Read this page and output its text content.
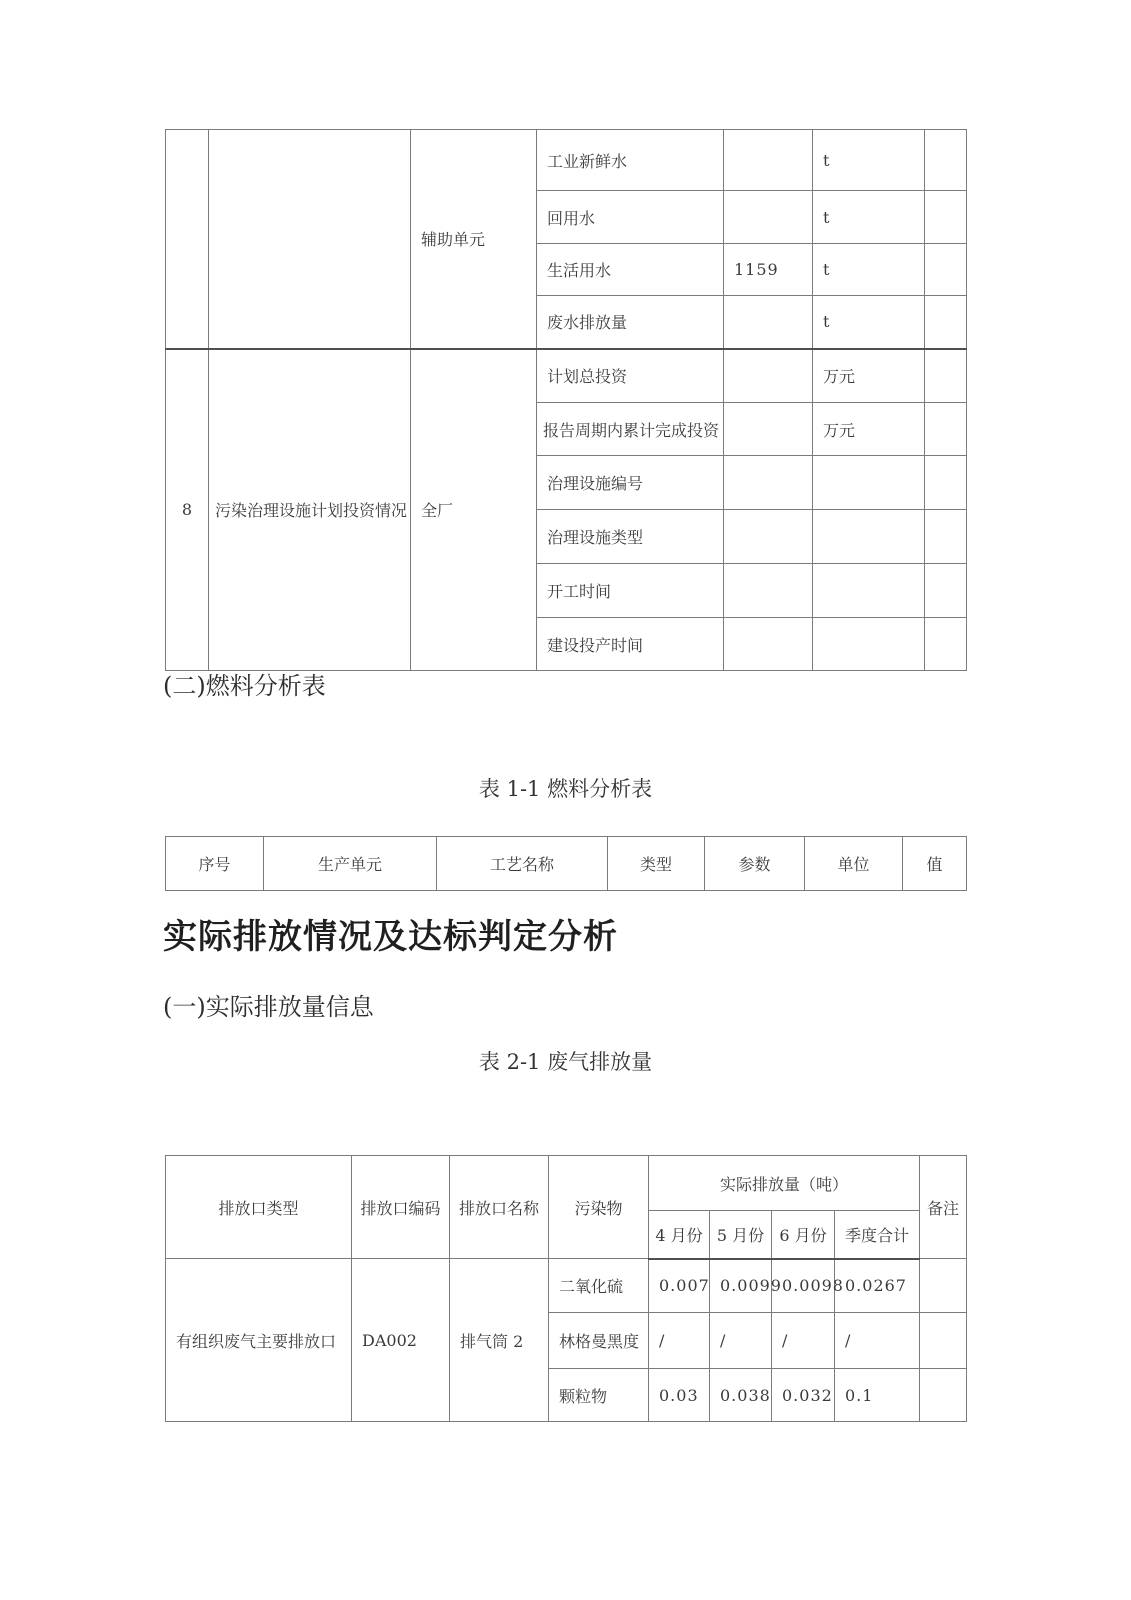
		辅助单元	工业新鲜水		t	
			回用水		t	
			生活用水	1159	t	
			废水排放量		t	
8	污染治理设施计划投资情况	全厂	计划总投资		万元	
			报告周期内累计完成投资		万元	
			治理设施编号			
			治理设施类型			
			开工时间			
			建设投产时间			
(二)燃料分析表
表 1-1 燃料分析表
序号	生产单元	工艺名称	类型	参数	单位	值
实际排放情况及达标判定分析
(一)实际排放量信息
表 2-1 废气排放量
排放口类型	排放口编码	排放口名称	污染物	实际排放量（吨）				备注
				4 月份	5 月份	6 月份	季度合计	
有组织废气主要排放口	DA002	排气筒 2	二氧化硫	0.007	0.0099	0.0098	0.0267	
			林格曼黑度	/	/	/	/	
			颗粒物	0.03	0.038	0.032	0.1	
